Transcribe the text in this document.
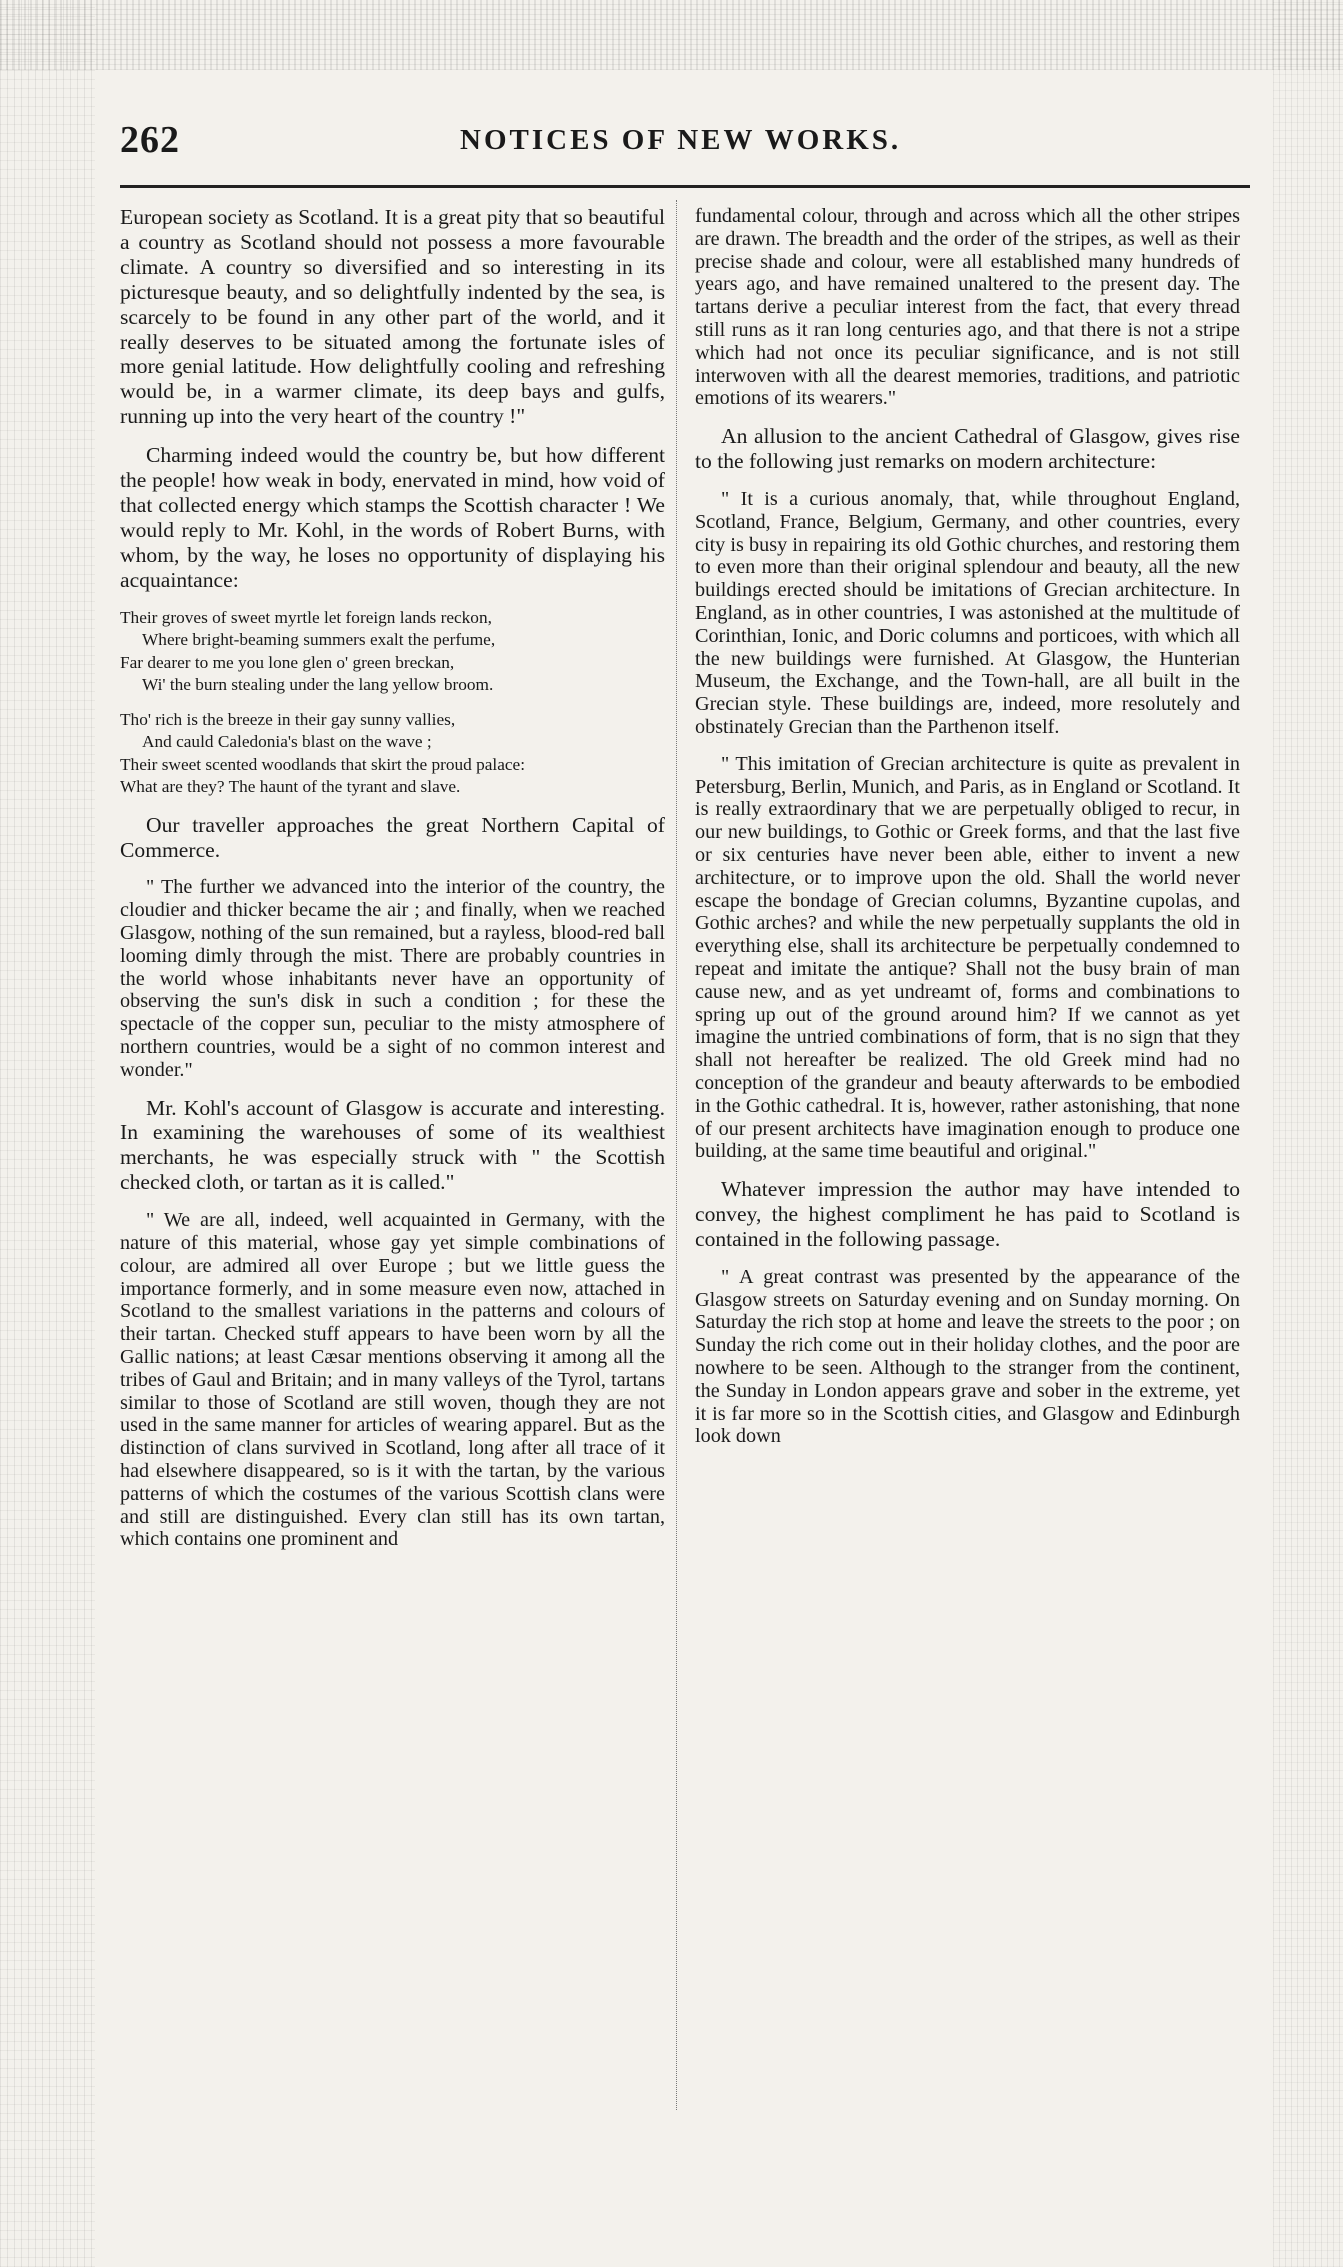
262	NOTICES OF NEW WORKS.

European society as Scotland. It is a great pity that so beautiful a country as Scotland should not possess a more favourable climate. A country so diversified and so interesting in its picturesque beauty, and so delightfully indented by the sea, is scarcely to be found in any other part of the world, and it really deserves to be situated among the fortunate isles of more genial latitude. How delightfully cooling and refreshing would be, in a warmer climate, its deep bays and gulfs, running up into the very heart of the country !"

Charming indeed would the country be, but how different the people! how weak in body, enervated in mind, how void of that collected energy which stamps the Scottish character ! We would reply to Mr. Kohl, in the words of Robert Burns, with whom, by the way, he loses no opportunity of displaying his acquaintance:

Their groves of sweet myrtle let foreign lands reckon,
Where bright-beaming summers exalt the perfume,
Far dearer to me you lone glen o' green breckan,
Wi' the burn stealing under the lang yellow broom.
Tho' rich is the breeze in their gay sunny vallies,
And cauld Caledonia's blast on the wave ;
Their sweet scented woodlands that skirt the proud palace:
What are they? The haunt of the tyrant and slave.

Our traveller approaches the great Northern Capital of Commerce.

" The further we advanced into the interior of the country, the cloudier and thicker became the air ; and finally, when we reached Glasgow, nothing of the sun remained, but a rayless, blood-red ball looming dimly through the mist. There are probably countries in the world whose inhabitants never have an opportunity of observing the sun's disk in such a condition ; for these the spectacle of the copper sun, peculiar to the misty atmosphere of northern countries, would be a sight of no common interest and wonder."

Mr. Kohl's account of Glasgow is accurate and interesting. In examining the warehouses of some of its wealthiest merchants, he was especially struck with " the Scottish checked cloth, or tartan as it is called."

" We are all, indeed, well acquainted in Germany, with the nature of this material, whose gay yet simple combinations of colour, are admired all over Europe ; but we little guess the importance formerly, and in some measure even now, attached in Scotland to the smallest variations in the patterns and colours of their tartan. Checked stuff appears to have been worn by all the Gallic nations; at least Cæsar mentions observing it among all the tribes of Gaul and Britain; and in many valleys of the Tyrol, tartans similar to those of Scotland are still woven, though they are not used in the same manner for articles of wearing apparel. But as the distinction of clans survived in Scotland, long after all trace of it had elsewhere disappeared, so is it with the tartan, by the various patterns of which the costumes of the various Scottish clans were and still are distinguished. Every clan still has its own tartan, which contains one prominent and

fundamental colour, through and across which all the other stripes are drawn. The breadth and the order of the stripes, as well as their precise shade and colour, were all established many hundreds of years ago, and have remained unaltered to the present day. The tartans derive a peculiar interest from the fact, that every thread still runs as it ran long centuries ago, and that there is not a stripe which had not once its peculiar significance, and is not still interwoven with all the dearest memories, traditions, and patriotic emotions of its wearers."

An allusion to the ancient Cathedral of Glasgow, gives rise to the following just remarks on modern architecture:

" It is a curious anomaly, that, while throughout England, Scotland, France, Belgium, Germany, and other countries, every city is busy in repairing its old Gothic churches, and restoring them to even more than their original splendour and beauty, all the new buildings erected should be imitations of Grecian architecture. In England, as in other countries, I was astonished at the multitude of Corinthian, Ionic, and Doric columns and porticoes, with which all the new buildings were furnished. At Glasgow, the Hunterian Museum, the Exchange, and the Town-hall, are all built in the Grecian style. These buildings are, indeed, more resolutely and obstinately Grecian than the Parthenon itself.

" This imitation of Grecian architecture is quite as prevalent in Petersburg, Berlin, Munich, and Paris, as in England or Scotland. It is really extraordinary that we are perpetually obliged to recur, in our new buildings, to Gothic or Greek forms, and that the last five or six centuries have never been able, either to invent a new architecture, or to improve upon the old. Shall the world never escape the bondage of Grecian columns, Byzantine cupolas, and Gothic arches? and while the new perpetually supplants the old in everything else, shall its architecture be perpetually condemned to repeat and imitate the antique? Shall not the busy brain of man cause new, and as yet undreamt of, forms and combinations to spring up out of the ground around him? If we cannot as yet imagine the untried combinations of form, that is no sign that they shall not hereafter be realized. The old Greek mind had no conception of the grandeur and beauty afterwards to be embodied in the Gothic cathedral. It is, however, rather astonishing, that none of our present architects have imagination enough to produce one building, at the same time beautiful and original."

Whatever impression the author may have intended to convey, the highest compliment he has paid to Scotland is contained in the following passage.

" A great contrast was presented by the appearance of the Glasgow streets on Saturday evening and on Sunday morning. On Saturday the rich stop at home and leave the streets to the poor ; on Sunday the rich come out in their holiday clothes, and the poor are nowhere to be seen. Although to the stranger from the continent, the Sunday in London appears grave and sober in the extreme, yet it is far more so in the Scottish cities, and Glasgow and Edinburgh look down
